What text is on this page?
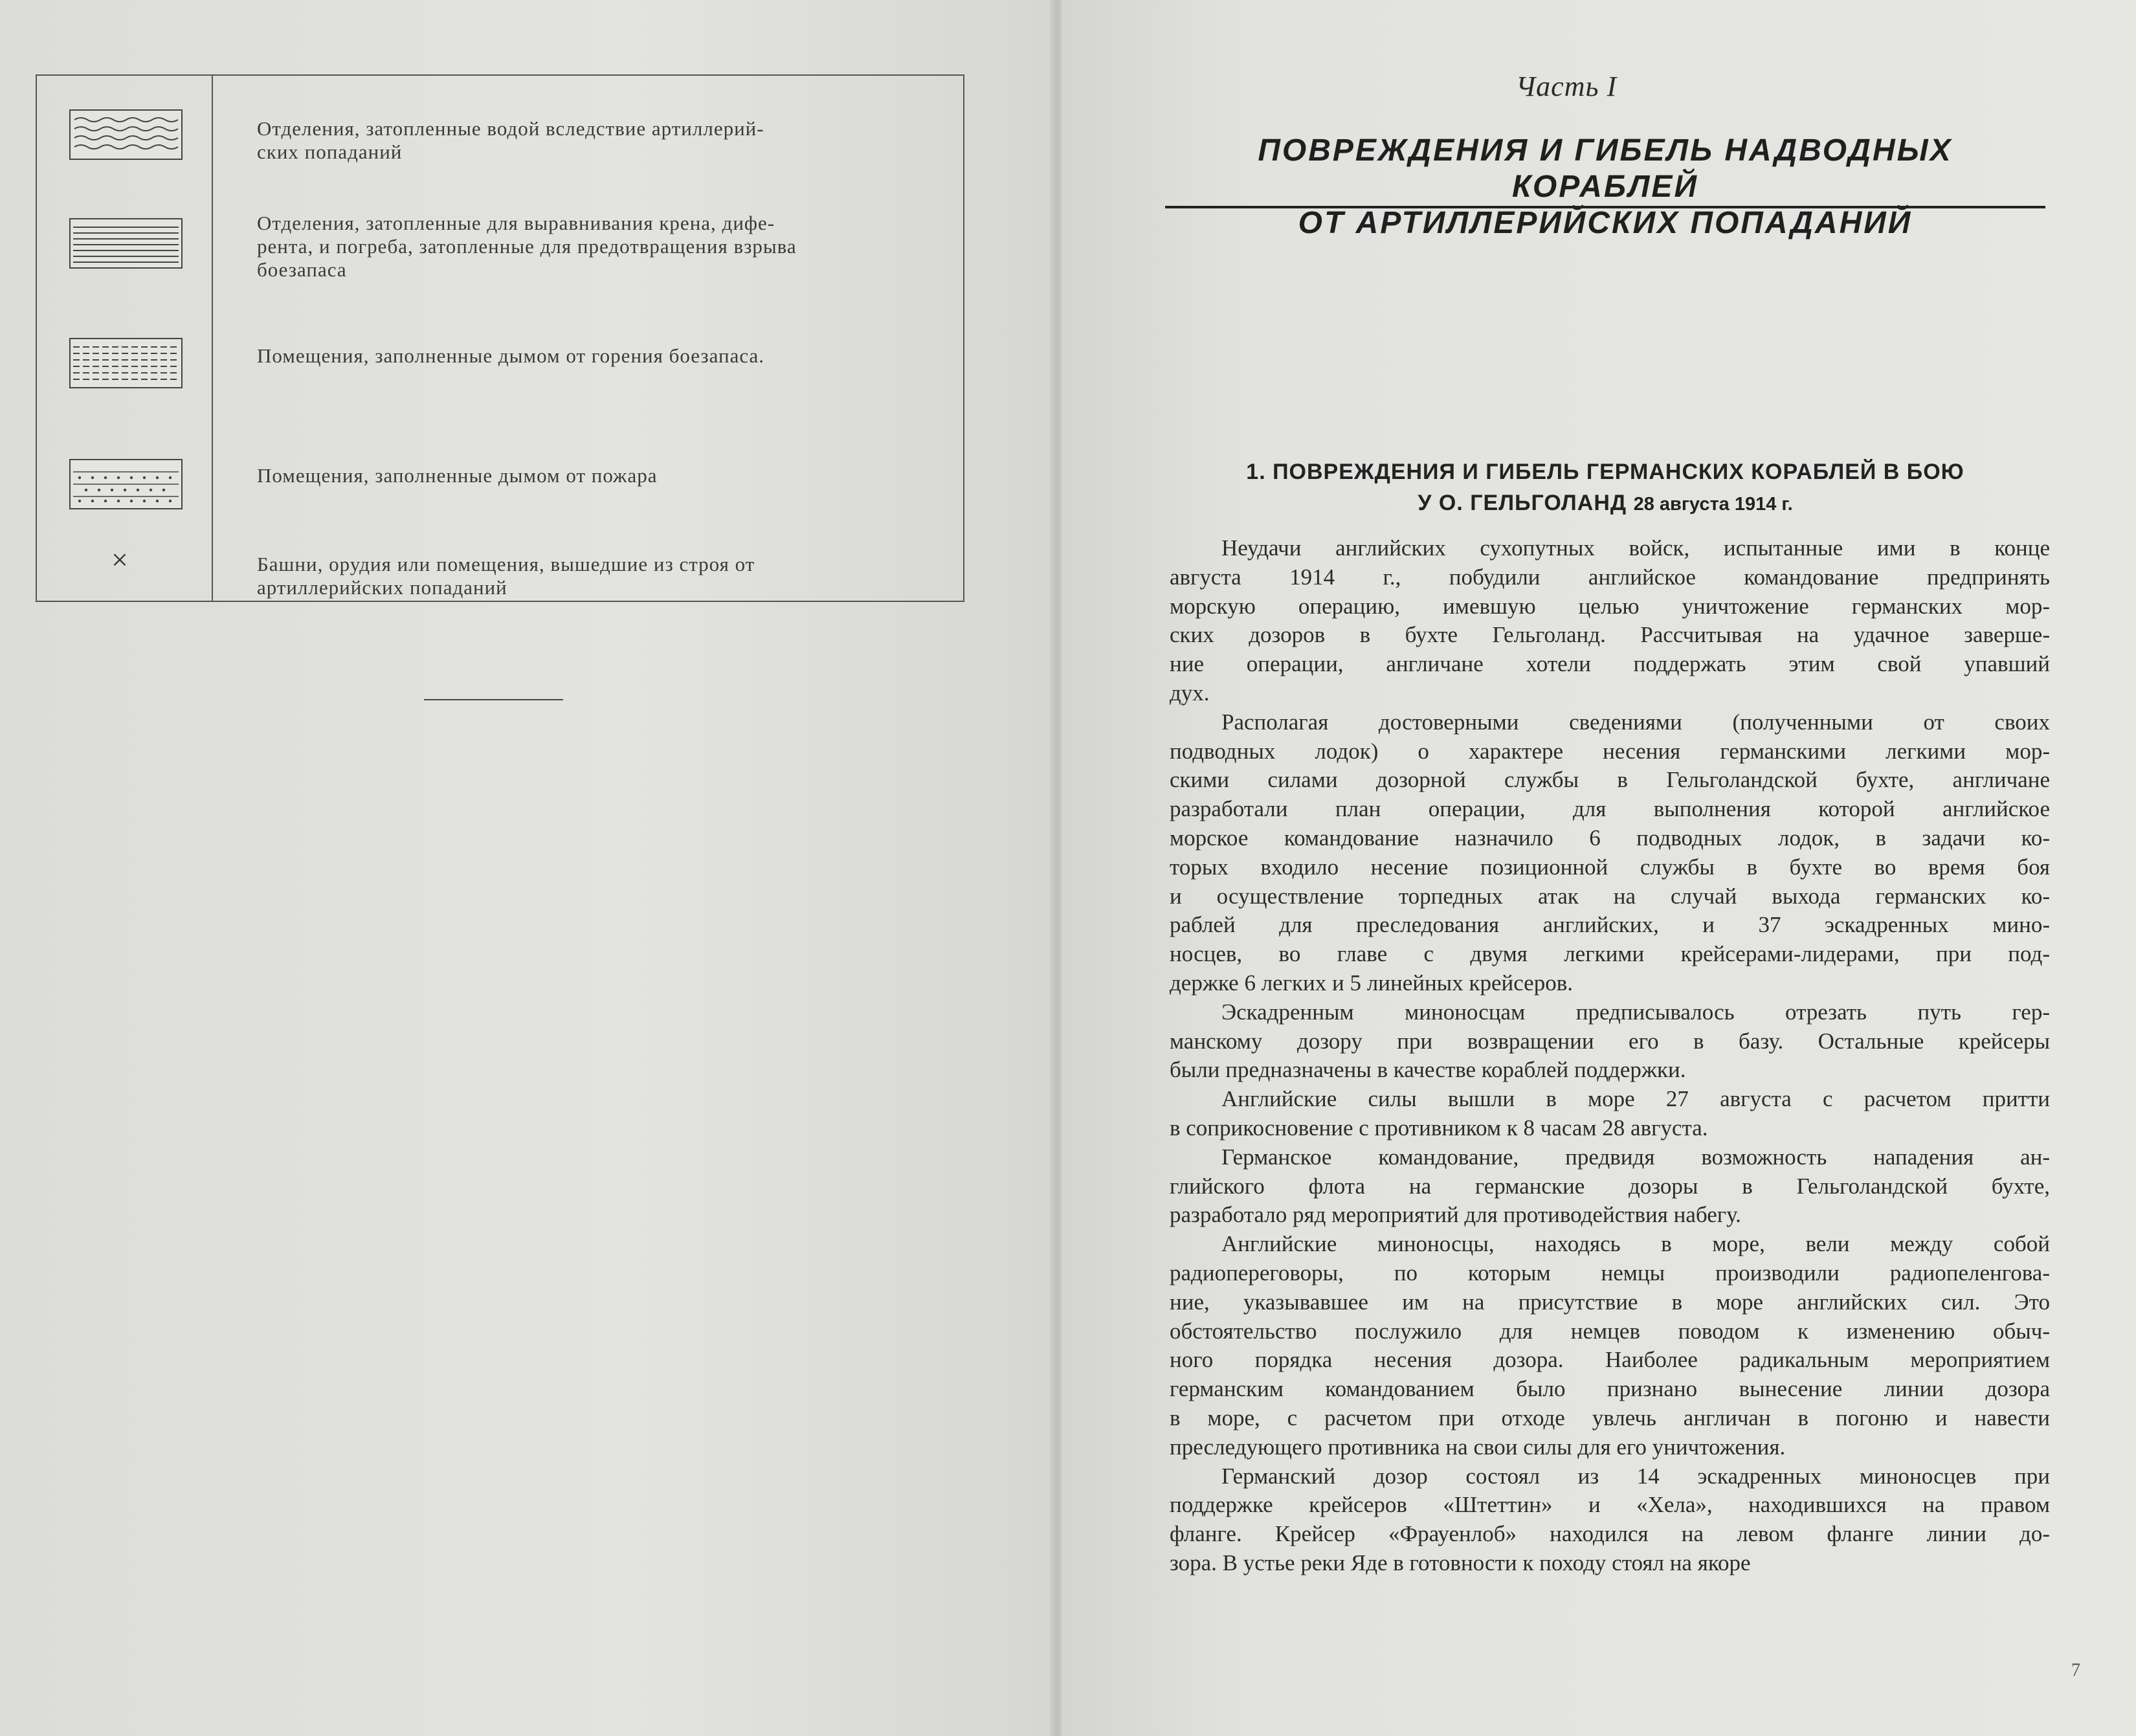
Отделения, затопленные водой вследствие артиллерий-
ских попаданий
Отделения, затопленные для выравнивания крена, дифе-
рента, и погреба, затопленные для предотвращения взрыва
боезапаса
Помещения, заполненные дымом от горения боезапаса.
Помещения, заполненные дымом от пожара
×	Башни, орудия или помещения, вышедшие из строя от
артиллерийских попаданий
Часть I
ПОВРЕЖДЕНИЯ И ГИБЕЛЬ НАДВОДНЫХ КОРАБЛЕЙ
ОТ АРТИЛЛЕРИЙСКИХ ПОПАДАНИЙ
1. ПОВРЕЖДЕНИЯ И ГИБЕЛЬ ГЕРМАНСКИХ КОРАБЛЕЙ В БОЮ
У О. ГЕЛЬГОЛАНД 28 августа 1914 г.
Неудачи английских сухопутных войск, испытанные ими в конце
августа 1914 г., побудили английское командование предпринять
морскую операцию, имевшую целью уничтожение германских мор-
ских дозоров в бухте Гельголанд. Рассчитывая на удачное заверше-
ние операции, англичане хотели поддержать этим свой упавший
дух.
Располагая достоверными сведениями (полученными от своих
подводных лодок) о характере несения германскими легкими мор-
скими силами дозорной службы в Гельголандской бухте, англичане
разработали план операции, для выполнения которой английское
морское командование назначило 6 подводных лодок, в задачи ко-
торых входило несение позиционной службы в бухте во время боя
и осуществление торпедных атак на случай выхода германских ко-
раблей для преследования английских, и 37 эскадренных мино-
носцев, во главе с двумя легкими крейсерами-лидерами, при под-
держке 6 легких и 5 линейных крейсеров.
Эскадренным миноносцам предписывалось отрезать путь гер-
манскому дозору при возвращении его в базу. Остальные крейсеры
были предназначены в качестве кораблей поддержки.
Английские силы вышли в море 27 августа с расчетом притти
в соприкосновение с противником к 8 часам 28 августа.
Германское командование, предвидя возможность нападения ан-
глийского флота на германские дозоры в Гельголандской бухте,
разработало ряд мероприятий для противодействия набегу.
Английские миноносцы, находясь в море, вели между собой
радиопереговоры, по которым немцы производили радиопеленгова-
ние, указывавшее им на присутствие в море английских сил. Это
обстоятельство послужило для немцев поводом к изменению обыч-
ного порядка несения дозора. Наиболее радикальным мероприятием
германским командованием было признано вынесение линии дозора
в море, с расчетом при отходе увлечь англичан в погоню и навести
преследующего противника на свои силы для его уничтожения.
Германский дозор состоял из 14 эскадренных миноносцев при
поддержке крейсеров «Штеттин» и «Хела», находившихся на правом
фланге. Крейсер «Фрауенлоб» находился на левом фланге линии до-
зора. В устье реки Яде в готовности к походу стоял на якоре
7
